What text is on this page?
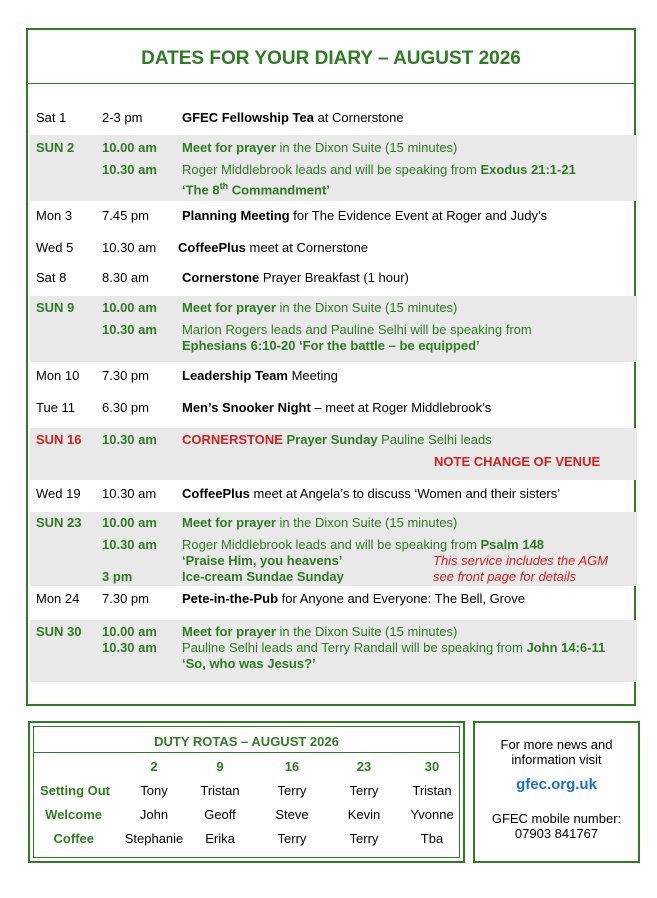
DATES FOR YOUR DIARY – AUGUST 2026
Sat 1	2-3 pm	GFEC Fellowship Tea at Cornerstone
SUN 2 10.00 am Meet for prayer in the Dixon Suite (15 minutes)
10.30 am Roger Middlebrook leads and will be speaking from Exodus 21:1-21
‘The 8th Commandment’
Mon 3 7.45 pm	Planning Meeting for The Evidence Event at Roger and Judy’s
Wed 5 10.30 am CoffeePlus meet at Cornerstone
Sat 8	8.30 am	Cornerstone Prayer Breakfast (1 hour)
SUN 9 10.00 am Meet for prayer in the Dixon Suite (15 minutes)
10.30 am Marion Rogers leads and Pauline Selhi will be speaking from
Ephesians 6:10-20 ‘For the battle – be equipped’
Mon 10 7.30 pm	Leadership Team Meeting
Tue 11 6.30 pm	Men’s Snooker Night – meet at Roger Middlebrook’s
SUN 16 10.30 am CORNERSTONE Prayer Sunday Pauline Selhi leads
NOTE CHANGE OF VENUE
Wed 19 10.30 am CoffeePlus meet at Angela’s to discuss ‘Women and their sisters’
SUN 23 10.00 am Meet for prayer in the Dixon Suite (15 minutes)
10.30 am Roger Middlebrook leads and will be speaking from Psalm 148
‘Praise Him, you heavens’	This service includes the AGM
3 pm	Ice-cream Sundae Sunday	see front page for details
Mon 24 7.30 pm	Pete-in-the-Pub for Anyone and Everyone: The Bell, Grove
SUN 30 10.00 am Meet for prayer in the Dixon Suite (15 minutes)
10.30 am Pauline Selhi leads and Terry Randall will be speaking from John 14:6-11
‘So, who was Jesus?’
DUTY ROTAS – AUGUST 2026
2	9	16	23	30
Setting Out	Tony	Tristan	Terry	Terry	Tristan
Welcome	John	Geoff	Steve	Kevin	Yvonne
Coffee	Stephanie	Erika	Terry	Terry	Tba
For more news and
information visit
gfec.org.uk
GFEC mobile number:
07903 841767
